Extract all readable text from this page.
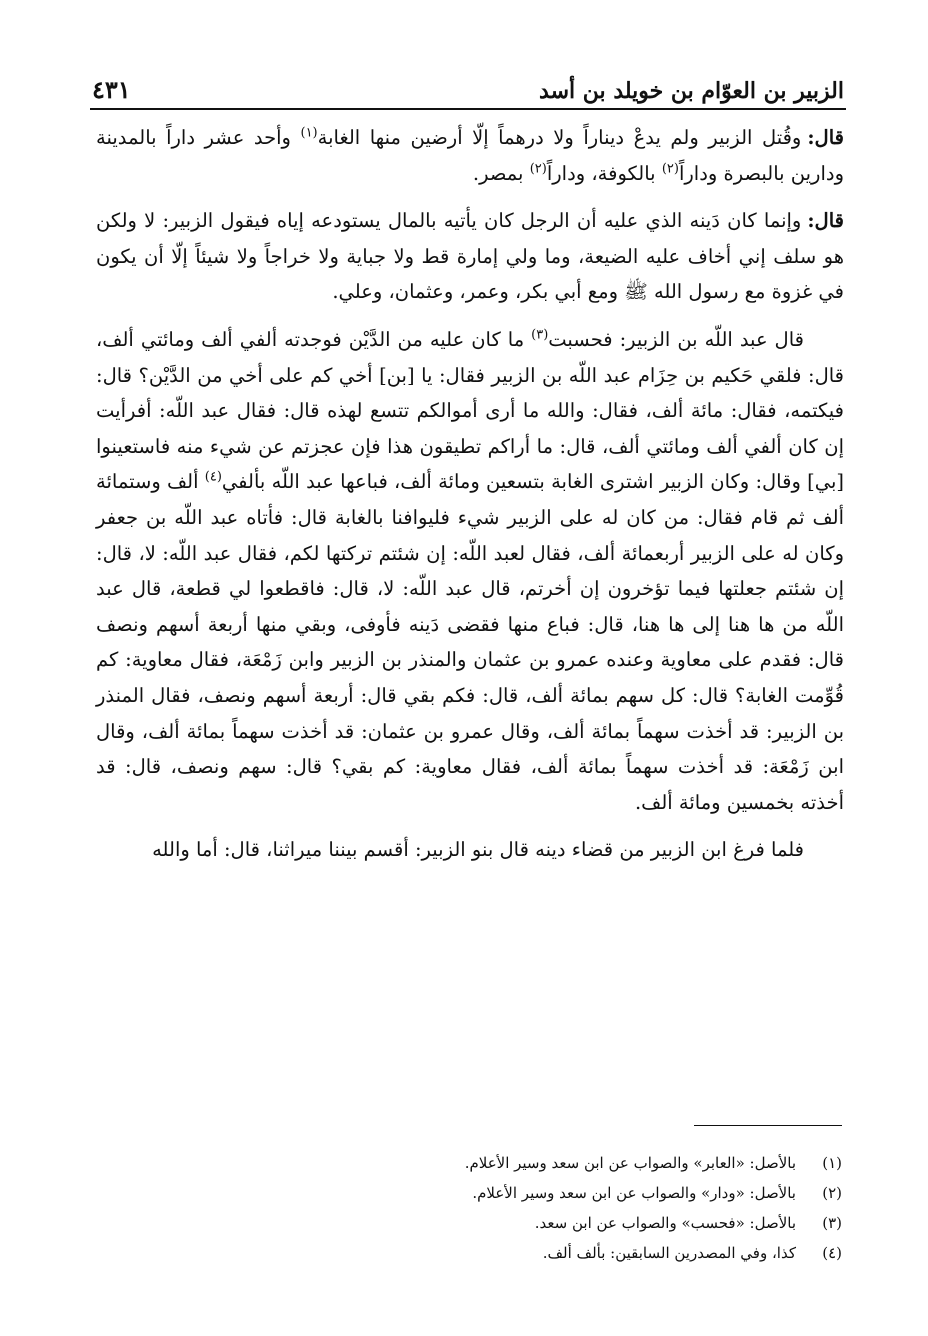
الزبير بن العوّام بن خويلد بن أسد
٤٣١

قال:وقُتل الزبير ولم يدعْ ديناراً ولا درهماً إلّا أرضين منها الغابة$^{(١)}$ وأحد عشر داراً بالمدينة ودارين بالبصرة وداراً$^{(٢)}$ بالكوفة، وداراً$^{(٢)}$ بمصر.

قال:وإنما كان دَينه الذي عليه أن الرجل كان يأتيه بالمال يستودعه إياه فيقول الزبير: لا ولكن هو سلف إني أخاف عليه الضيعة، وما ولي إمارة قط ولا جباية ولا خراجاً ولا شيئاً إلّا أن يكون في غزوة مع رسول الله ﷺ ومع أبي بكر، وعمر، وعثمان، وعلي.

قال عبد اللّه بن الزبير: فحسبت$^{(٣)}$ ما كان عليه من الدَّيْن فوجدته ألفي ألف ومائتي ألف، قال: فلقي حَكيم بن حِزَام عبد اللّه بن الزبير فقال: يا [بن] أخي كم على أخي من الدَّيْن؟ قال: فيكتمه، فقال: مائة ألف، فقال: والله ما أرى أموالكم تتسع لهذه قال: فقال عبد اللّه: أفرأيت إن كان ألفي ألف ومائتي ألف، قال: ما أراكم تطيقون هذا فإن عجزتم عن شيء منه فاستعينوا [بي] وقال: وكان الزبير اشترى الغابة بتسعين ومائة ألف، فباعها عبد اللّه بألفي$^{(٤)}$ ألف وستمائة ألف ثم قام فقال: من كان له على الزبير شيء فليوافنا بالغابة قال: فأتاه عبد اللّه بن جعفر وكان له على الزبير أربعمائة ألف، فقال لعبد اللّه: إن شئتم تركتها لكم، فقال عبد اللّه: لا، قال: إن شئتم جعلتها فيما تؤخرون إن أخرتم، قال عبد اللّه: لا، قال: فاقطعوا لي قطعة، قال عبد اللّه من ها هنا إلى ها هنا، قال: فباع منها فقضى دَينه فأوفى، وبقي منها أربعة أسهم ونصف قال: فقدم على معاوية وعنده عمرو بن عثمان والمنذر بن الزبير وابن زَمْعَة، فقال معاوية: كم قُوِّمت الغابة؟ قال: كل سهم بمائة ألف، قال: فكم بقي قال: أربعة أسهم ونصف، فقال المنذر بن الزبير: قد أخذت سهماً بمائة ألف، وقال عمرو بن عثمان: قد أخذت سهماً بمائة ألف، وقال ابن زَمْعَة: قد أخذت سهماً بمائة ألف، فقال معاوية: كم بقي؟ قال: سهم ونصف، قال: قد أخذته بخمسين ومائة ألف.

فلما فرغ ابن الزبير من قضاء دينه قال بنو الزبير: أقسم بيننا ميراثنا، قال: أما والله

(١)
بالأصل: «العابر» والصواب عن ابن سعد وسير الأعلام.
(٢)
بالأصل: «ودار» والصواب عن ابن سعد وسير الأعلام.
(٣)
بالأصل: «فحسب» والصواب عن ابن سعد.
(٤)
كذا، وفي المصدرين السابقين: بألف ألف.
